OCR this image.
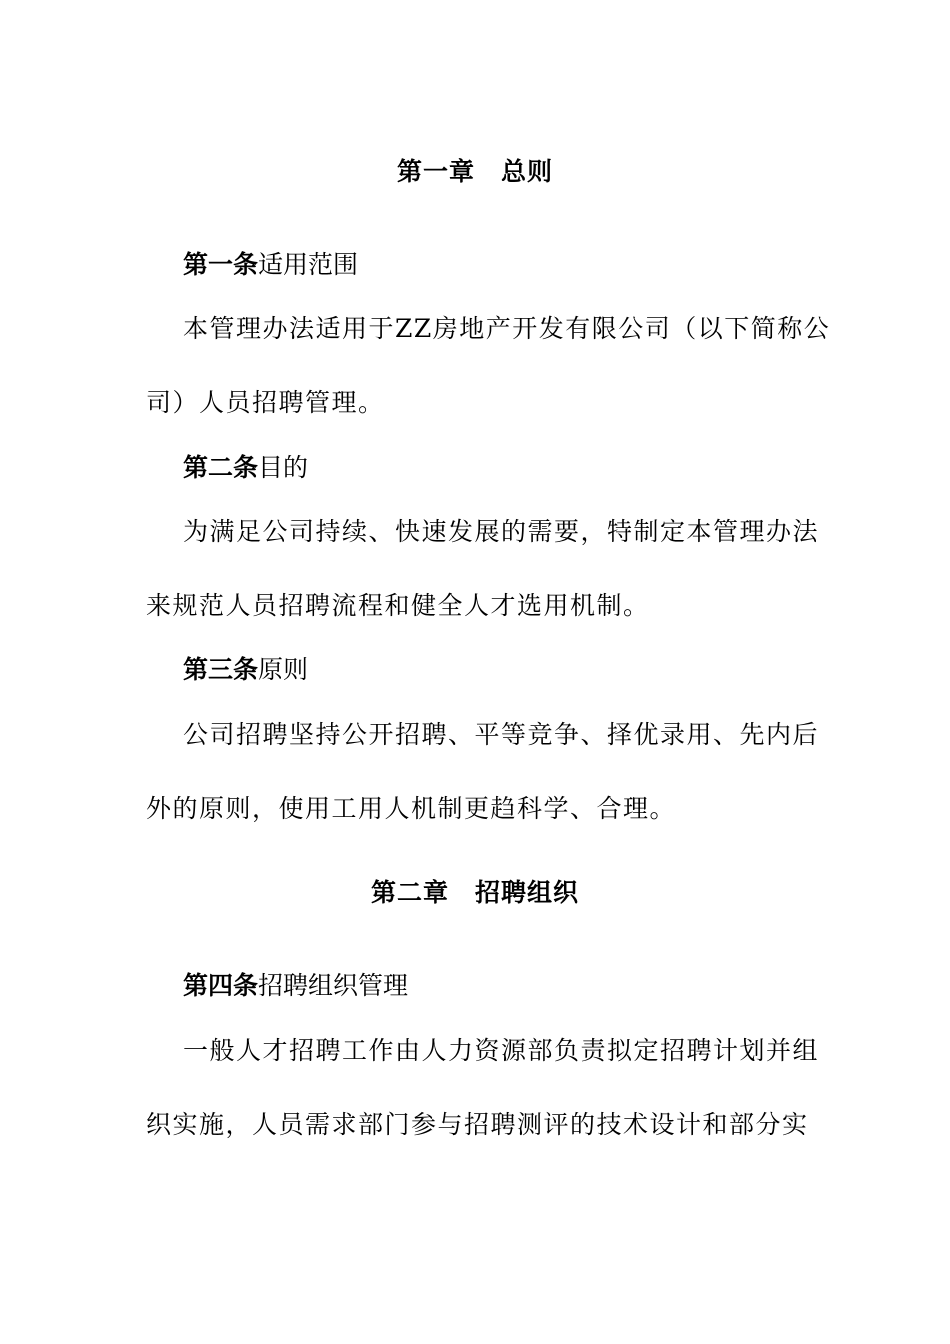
第一章　总则
第一条适用范围
本管理办法适用于ZZ房地产开发有限公司（以下简称公
司）人员招聘管理。
第二条目的
为满足公司持续、快速发展的需要，特制定本管理办法
来规范人员招聘流程和健全人才选用机制。
第三条原则
公司招聘坚持公开招聘、平等竞争、择优录用、先内后
外的原则，使用工用人机制更趋科学、合理。
第二章　招聘组织
第四条招聘组织管理
一般人才招聘工作由人力资源部负责拟定招聘计划并组
织实施，人员需求部门参与招聘测评的技术设计和部分实
